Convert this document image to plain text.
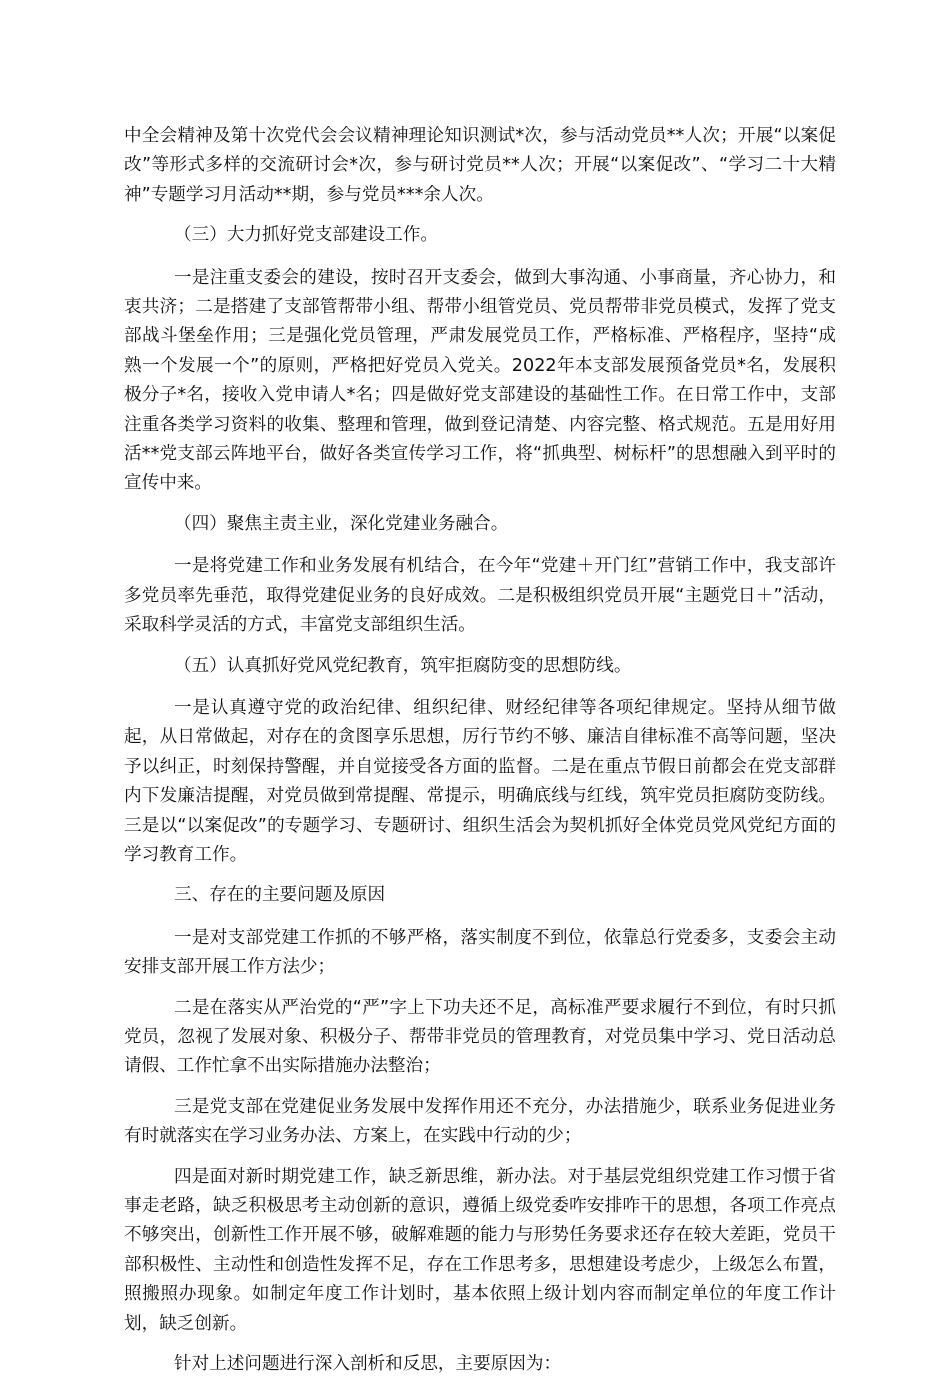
中全会精神及第十次党代会会议精神理论知识测试*次，参与活动党员**人次；开展“以案促改”等形式多样的交流研讨会*次，参与研讨党员**人次；开展“以案促改”、“学习二十大精神”专题学习月活动**期，参与党员***余人次。

（三）大力抓好党支部建设工作。

一是注重支委会的建设，按时召开支委会，做到大事沟通、小事商量，齐心协力，和衷共济；二是搭建了支部管帮带小组、帮带小组管党员、党员帮带非党员模式，发挥了党支部战斗堡垒作用；三是强化党员管理，严肃发展党员工作，严格标准、严格程序，坚持“成熟一个发展一个”的原则，严格把好党员入党关。2022年本支部发展预备党员*名，发展积极分子*名，接收入党申请人*名；四是做好党支部建设的基础性工作。在日常工作中，支部注重各类学习资料的收集、整理和管理，做到登记清楚、内容完整、格式规范。五是用好用活**党支部云阵地平台，做好各类宣传学习工作，将“抓典型、树标杆”的思想融入到平时的宣传中来。

（四）聚焦主责主业，深化党建业务融合。

一是将党建工作和业务发展有机结合，在今年“党建＋开门红”营销工作中，我支部许多党员率先垂范，取得党建促业务的良好成效。二是积极组织党员开展“主题党日＋”活动，采取科学灵活的方式，丰富党支部组织生活。

（五）认真抓好党风党纪教育，筑牢拒腐防变的思想防线。

一是认真遵守党的政治纪律、组织纪律、财经纪律等各项纪律规定。坚持从细节做起，从日常做起，对存在的贪图享乐思想，厉行节约不够、廉洁自律标准不高等问题，坚决予以纠正，时刻保持警醒，并自觉接受各方面的监督。二是在重点节假日前都会在党支部群内下发廉洁提醒，对党员做到常提醒、常提示，明确底线与红线，筑牢党员拒腐防变防线。三是以“以案促改”的专题学习、专题研讨、组织生活会为契机抓好全体党员党风党纪方面的学习教育工作。

三、存在的主要问题及原因

一是对支部党建工作抓的不够严格，落实制度不到位，依靠总行党委多，支委会主动安排支部开展工作方法少；

二是在落实从严治党的“严”字上下功夫还不足，高标准严要求履行不到位，有时只抓党员，忽视了发展对象、积极分子、帮带非党员的管理教育，对党员集中学习、党日活动总请假、工作忙拿不出实际措施办法整治；

三是党支部在党建促业务发展中发挥作用还不充分，办法措施少，联系业务促进业务有时就落实在学习业务办法、方案上，在实践中行动的少；

四是面对新时期党建工作，缺乏新思维，新办法。对于基层党组织党建工作习惯于省事走老路，缺乏积极思考主动创新的意识，遵循上级党委咋安排咋干的思想，各项工作亮点不够突出，创新性工作开展不够，破解难题的能力与形势任务要求还存在较大差距，党员干部积极性、主动性和创造性发挥不足，存在工作思考多，思想建设考虑少，上级怎么布置，照搬照办现象。如制定年度工作计划时，基本依照上级计划内容而制定单位的年度工作计划，缺乏创新。

针对上述问题进行深入剖析和反思，主要原因为：
